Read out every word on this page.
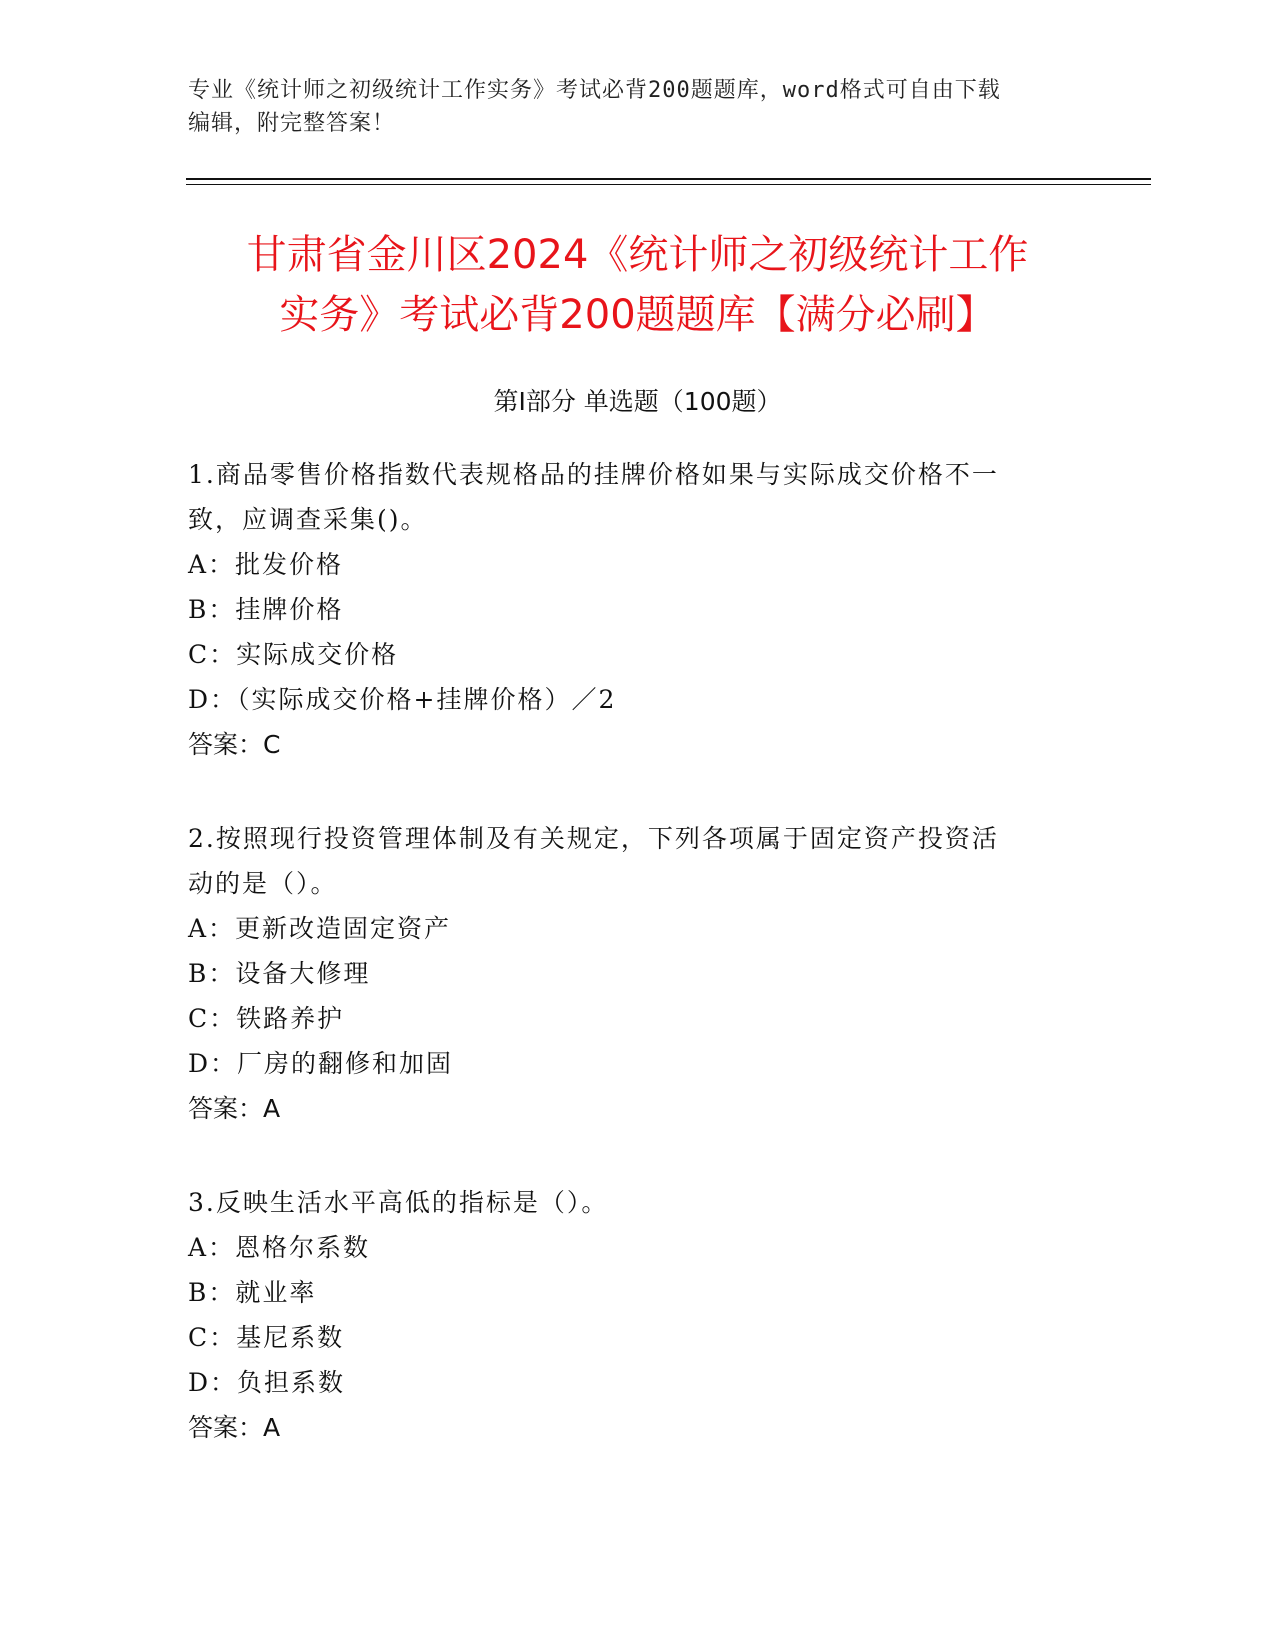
专业《统计师之初级统计工作实务》考试必背200题题库，word格式可自由下载
编辑，附完整答案！
甘肃省金川区2024《统计师之初级统计工作
实务》考试必背200题题库【满分必刷】
第Ⅰ部分 单选题（100题）
1.商品零售价格指数代表规格品的挂牌价格如果与实际成交价格不一
致，应调查采集()。
A：批发价格
B：挂牌价格
C：实际成交价格
D：（实际成交价格+挂牌价格）／2
答案：C
2.按照现行投资管理体制及有关规定，下列各项属于固定资产投资活
动的是（）。
A：更新改造固定资产
B：设备大修理
C：铁路养护
D：厂房的翻修和加固
答案：A
3.反映生活水平高低的指标是（）。
A：恩格尔系数
B：就业率
C：基尼系数
D：负担系数
答案：A
